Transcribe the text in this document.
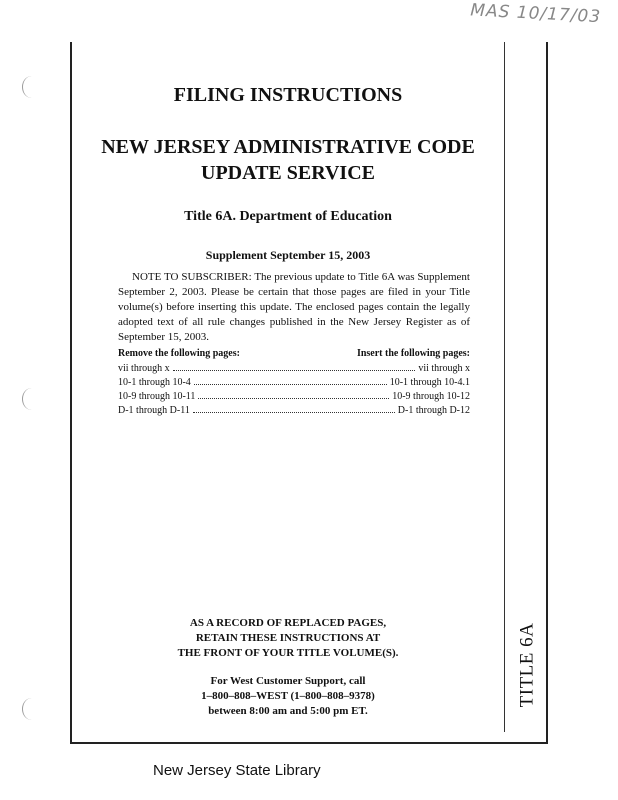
MAS 10/17/03
TITLE 6A
FILING INSTRUCTIONS
NEW JERSEY ADMINISTRATIVE CODE
UPDATE SERVICE
Title 6A. Department of Education
Supplement September 15, 2003

NOTE TO SUBSCRIBER: The previous update to Title 6A was Supplement September 2, 2003. Please be certain that those pages are filed in your Title volume(s) before inserting this update. The enclosed pages contain the legally adopted text of all rule changes published in the New Jersey Register as of September 15, 2003.

Remove the following pages:	Insert the following pages:
vii through x	vii through x
10-1 through 10-4	10-1 through 10-4.1
10-9 through 10-11	10-9 through 10-12
D-1 through D-11	D-1 through D-12
AS A RECORD OF REPLACED PAGES,
RETAIN THESE INSTRUCTIONS AT
THE FRONT OF YOUR TITLE VOLUME(S).
For West Customer Support, call
1–800–808–WEST (1–800–808–9378)
between 8:00 am and 5:00 pm ET.
New Jersey State Library
